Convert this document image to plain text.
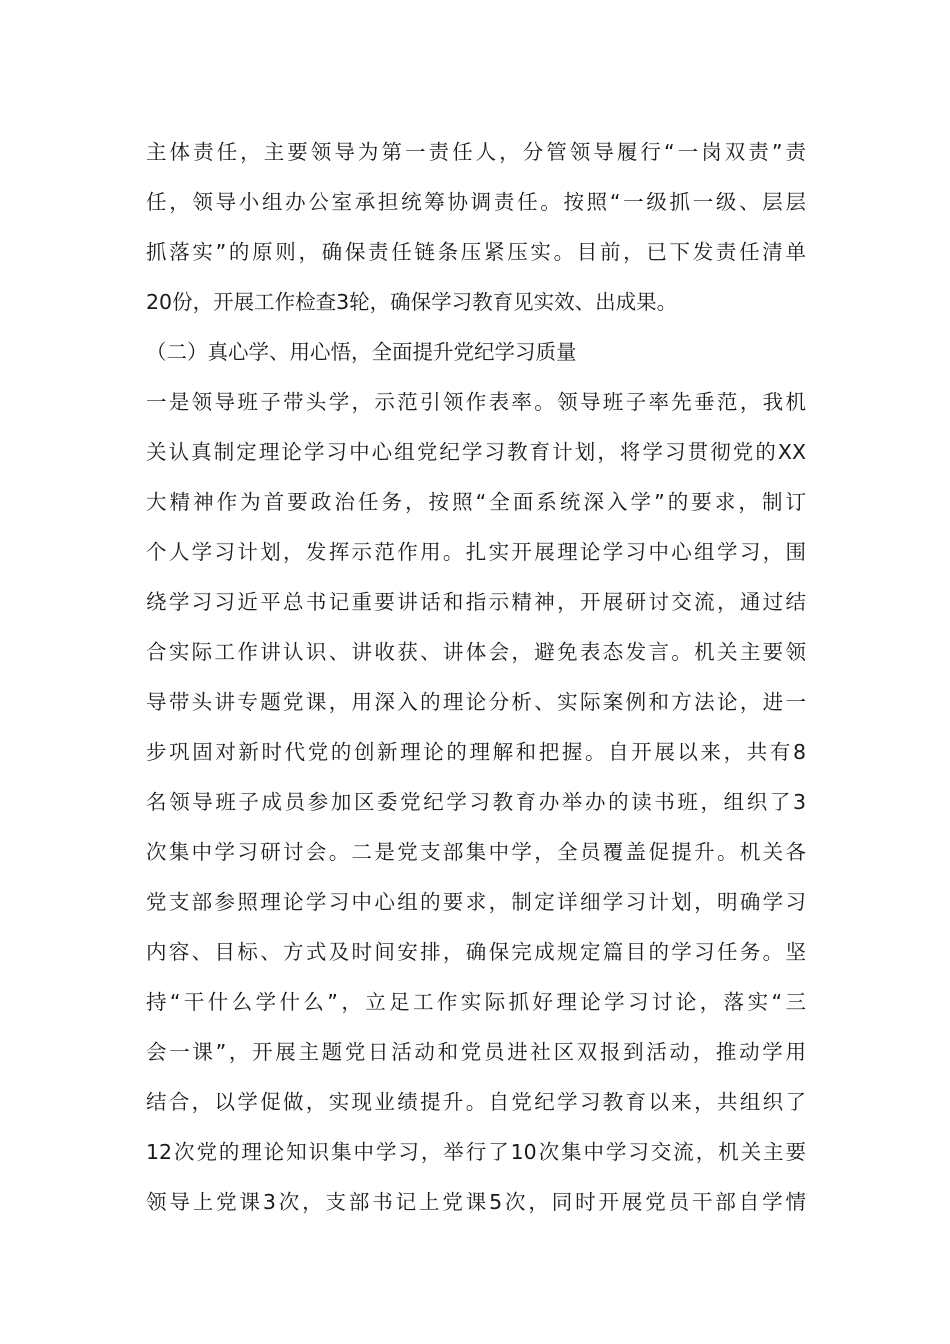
主体责任，主要领导为第一责任人，分管领导履行“一岗双责”责
任，领导小组办公室承担统筹协调责任。按照“一级抓一级、层层
抓落实”的原则，确保责任链条压紧压实。目前，已下发责任清单
20份，开展工作检查3轮，确保学习教育见实效、出成果。
（二）真心学、用心悟，全面提升党纪学习质量
一是领导班子带头学，示范引领作表率。领导班子率先垂范，我机
关认真制定理论学习中心组党纪学习教育计划，将学习贯彻党的XX
大精神作为首要政治任务，按照“全面系统深入学”的要求，制订
个人学习计划，发挥示范作用。扎实开展理论学习中心组学习，围
绕学习习近平总书记重要讲话和指示精神，开展研讨交流，通过结
合实际工作讲认识、讲收获、讲体会，避免表态发言。机关主要领
导带头讲专题党课，用深入的理论分析、实际案例和方法论，进一
步巩固对新时代党的创新理论的理解和把握。自开展以来，共有8
名领导班子成员参加区委党纪学习教育办举办的读书班，组织了3
次集中学习研讨会。二是党支部集中学，全员覆盖促提升。机关各
党支部参照理论学习中心组的要求，制定详细学习计划，明确学习
内容、目标、方式及时间安排，确保完成规定篇目的学习任务。坚
持“干什么学什么”，立足工作实际抓好理论学习讨论，落实“三
会一课”，开展主题党日活动和党员进社区双报到活动，推动学用
结合，以学促做，实现业绩提升。自党纪学习教育以来，共组织了
12次党的理论知识集中学习，举行了10次集中学习交流，机关主要
领导上党课3次，支部书记上党课5次，同时开展党员干部自学情
